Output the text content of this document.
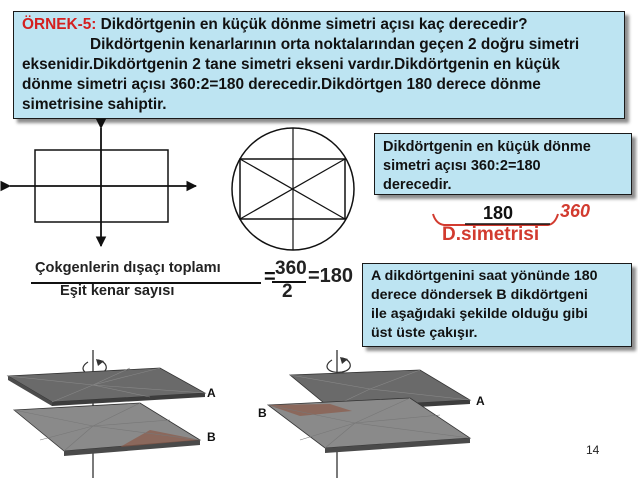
ÖRNEK-5: Dikdörtgenin en küçük dönme simetri açısı kaç derecedir?
Dikdörtgenin kenarlarının orta noktalarından geçen 2 doğru simetri
eksenidir.Dikdörtgenin 2 tane simetri ekseni vardır.Dikdörtgenin en küçük
dönme simetri açısı 360:2=180 derecedir.Dikdörtgen 180 derece dönme
simetrisine sahiptir.
Dikdörtgenin en küçük dönme
simetri açısı 360:2=180
derecedir.
180	360
D.simetrisi
Çokgenlerin dışaçı toplamı
Eşit kenar sayısı
= 360
2
=180	A dikdörtgenini saat yönünde 180
derece döndersek B dikdörtgeni
ile aşağıdaki şekilde olduğu gibi
üst üste çakışır.
A
B
A
B
14
